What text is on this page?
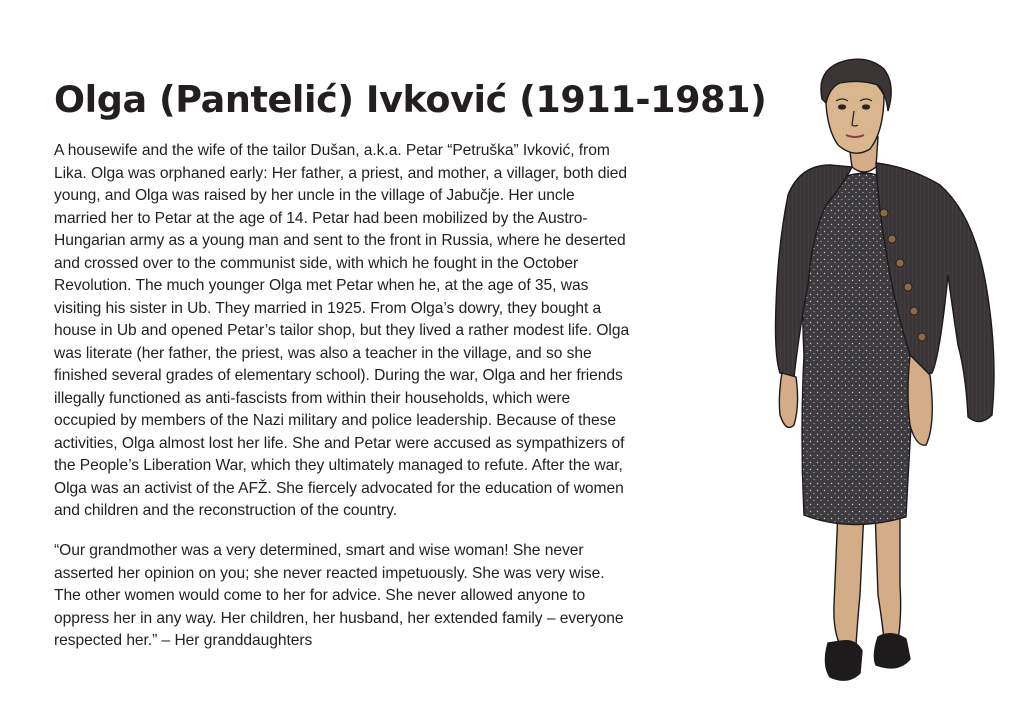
Olga (Pantelić) Ivković (1911-1981)
A housewife and the wife of the tailor Dušan, a.k.a. Petar “Petruška” Ivković, from
Lika. Olga was orphaned early: Her father, a priest, and mother, a villager, both died
young, and Olga was raised by her uncle in the village of Jabučje. Her uncle
married her to Petar at the age of 14. Petar had been mobilized by the Austro-
Hungarian army as a young man and sent to the front in Russia, where he deserted
and crossed over to the communist side, with which he fought in the October
Revolution. The much younger Olga met Petar when he, at the age of 35, was
visiting his sister in Ub. They married in 1925. From Olga’s dowry, they bought a
house in Ub and opened Petar’s tailor shop, but they lived a rather modest life. Olga
was literate (her father, the priest, was also a teacher in the village, and so she
finished several grades of elementary school). During the war, Olga and her friends
illegally functioned as anti-fascists from within their households, which were
occupied by members of the Nazi military and police leadership. Because of these
activities, Olga almost lost her life. She and Petar were accused as sympathizers of
the People’s Liberation War, which they ultimately managed to refute. After the war,
Olga was an activist of the AFŽ. She fiercely advocated for the education of women
and children and the reconstruction of the country.
“Our grandmother was a very determined, smart and wise woman! She never
asserted her opinion on you; she never reacted impetuously. She was very wise.
The other women would come to her for advice. She never allowed anyone to
oppress her in any way. Her children, her husband, her extended family – everyone
respected her.” – Her granddaughters
